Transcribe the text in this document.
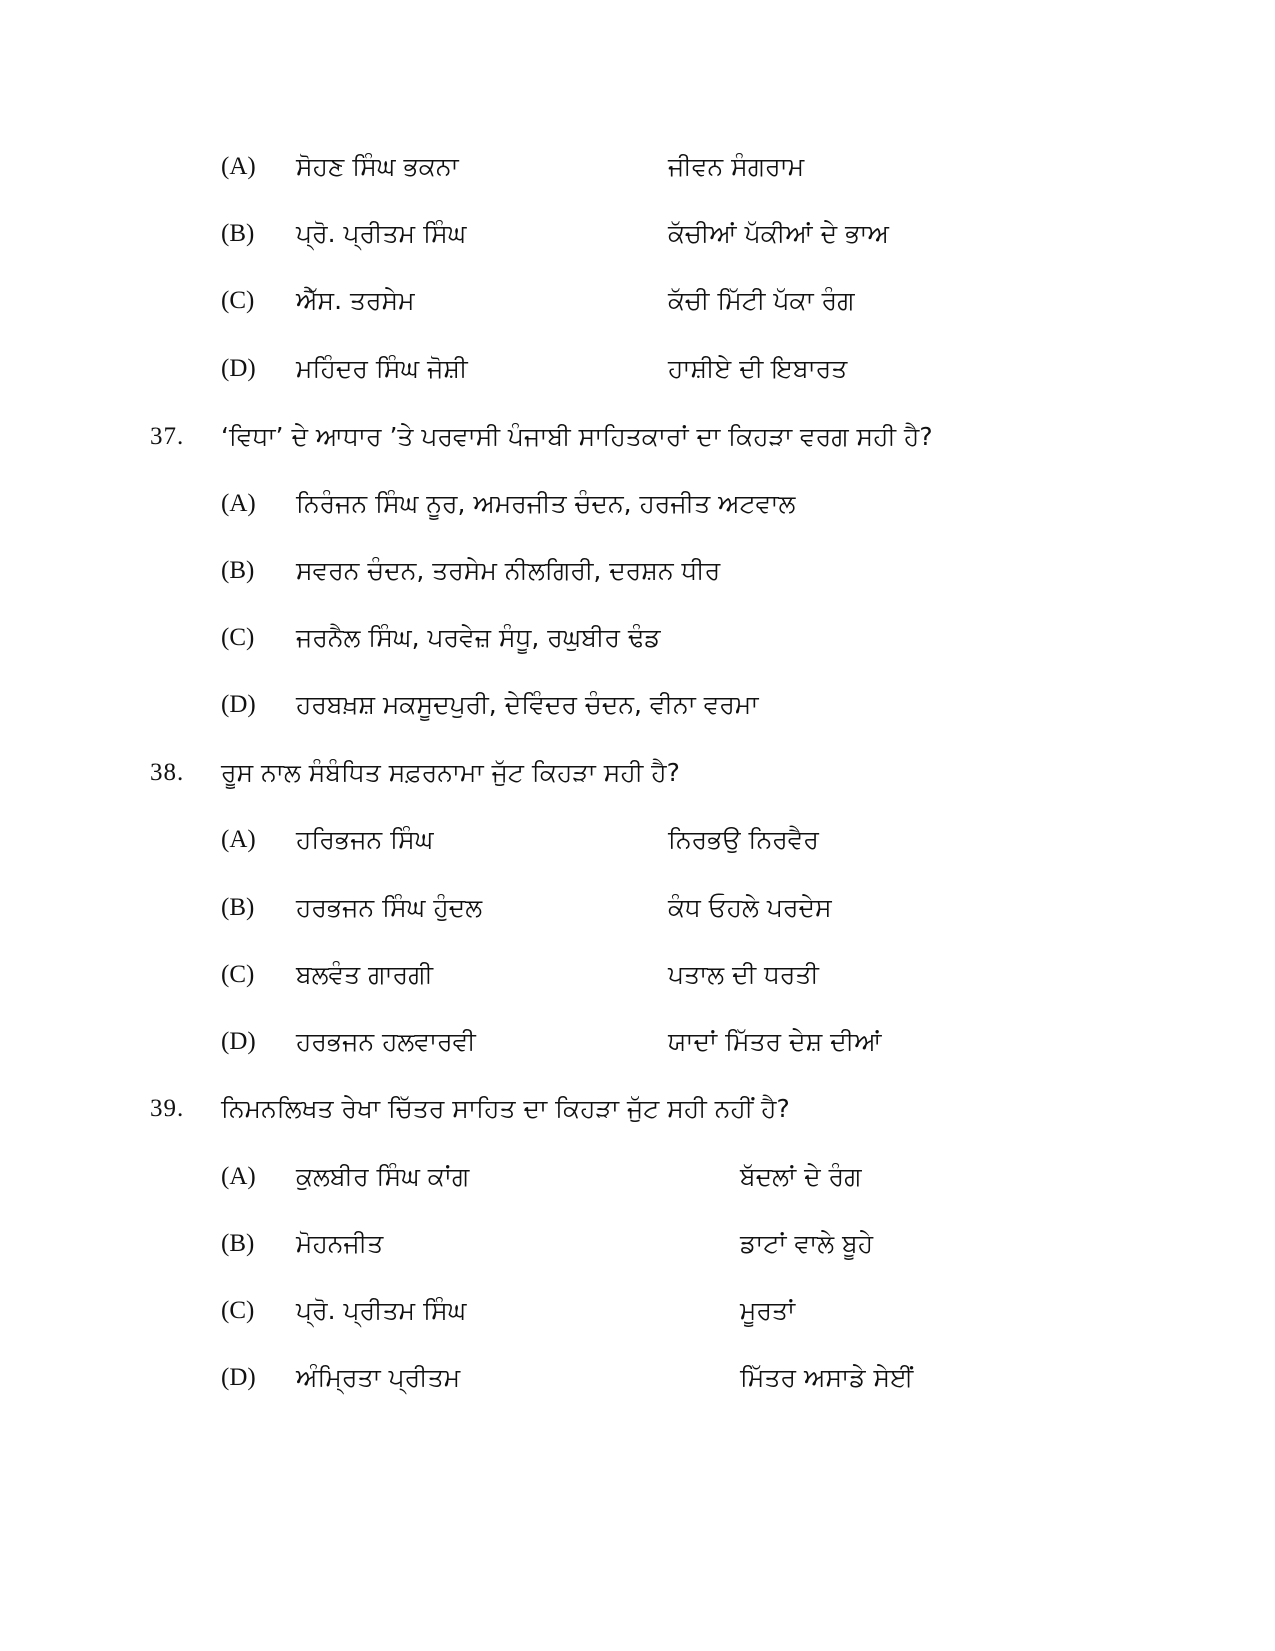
(A) ਸੋਹਣ ਸਿੰਘ ਭਕਨਾ	ਜੀਵਨ ਸੰਗਰਾਮ
(B) ਪ੍ਰੋ. ਪ੍ਰੀਤਮ ਸਿੰਘ	ਕੱਚੀਆਂ ਪੱਕੀਆਂ ਦੇ ਭਾਅ
(C) ਐੱਸ. ਤਰਸੇਮ	ਕੱਚੀ ਮਿੱਟੀ ਪੱਕਾ ਰੰਗ
(D) ਮਹਿੰਦਰ ਸਿੰਘ ਜੋਸ਼ੀ	ਹਾਸ਼ੀਏ ਦੀ ਇਬਾਰਤ
37. ‘ਵਿਧਾ’ ਦੇ ਆਧਾਰ ’ਤੇ ਪਰਵਾਸੀ ਪੰਜਾਬੀ ਸਾਹਿਤਕਾਰਾਂ ਦਾ ਕਿਹੜਾ ਵਰਗ ਸਹੀ ਹੈ?
(A) ਨਿਰੰਜਨ ਸਿੰਘ ਨੂਰ, ਅਮਰਜੀਤ ਚੰਦਨ, ਹਰਜੀਤ ਅਟਵਾਲ
(B) ਸਵਰਨ ਚੰਦਨ, ਤਰਸੇਮ ਨੀਲਗਿਰੀ, ਦਰਸ਼ਨ ਧੀਰ
(C) ਜਰਨੈਲ ਸਿੰਘ, ਪਰਵੇਜ਼ ਸੰਧੂ, ਰਘੁਬੀਰ ਢੰਡ
(D) ਹਰਬਖ਼ਸ਼ ਮਕਸੂਦਪੁਰੀ, ਦੇਵਿੰਦਰ ਚੰਦਨ, ਵੀਨਾ ਵਰਮਾ
38. ਰੂਸ ਨਾਲ ਸੰਬੰਧਿਤ ਸਫ਼ਰਨਾਮਾ ਜੁੱਟ ਕਿਹੜਾ ਸਹੀ ਹੈ?
(A) ਹਰਿਭਜਨ ਸਿੰਘ	ਨਿਰਭਉ ਨਿਰਵੈਰ
(B) ਹਰਭਜਨ ਸਿੰਘ ਹੁੰਦਲ	ਕੰਧ ਓਹਲੇ ਪਰਦੇਸ
(C) ਬਲਵੰਤ ਗਾਰਗੀ	ਪਤਾਲ ਦੀ ਧਰਤੀ
(D) ਹਰਭਜਨ ਹਲਵਾਰਵੀ	ਯਾਦਾਂ ਮਿੱਤਰ ਦੇਸ਼ ਦੀਆਂ
39. ਨਿਮਨਲਿਖਤ ਰੇਖਾ ਚਿੱਤਰ ਸਾਹਿਤ ਦਾ ਕਿਹੜਾ ਜੁੱਟ ਸਹੀ ਨਹੀਂ ਹੈ?
(A) ਕੁਲਬੀਰ ਸਿੰਘ ਕਾਂਗ	ਬੱਦਲਾਂ ਦੇ ਰੰਗ
(B) ਮੋਹਨਜੀਤ	ਡਾਟਾਂ ਵਾਲੇ ਬੂਹੇ
(C) ਪ੍ਰੋ. ਪ੍ਰੀਤਮ ਸਿੰਘ	ਮੂਰਤਾਂ
(D) ਅੰਮ੍ਰਿਤਾ ਪ੍ਰੀਤਮ	ਮਿੱਤਰ ਅਸਾਡੇ ਸੇਈਂ
